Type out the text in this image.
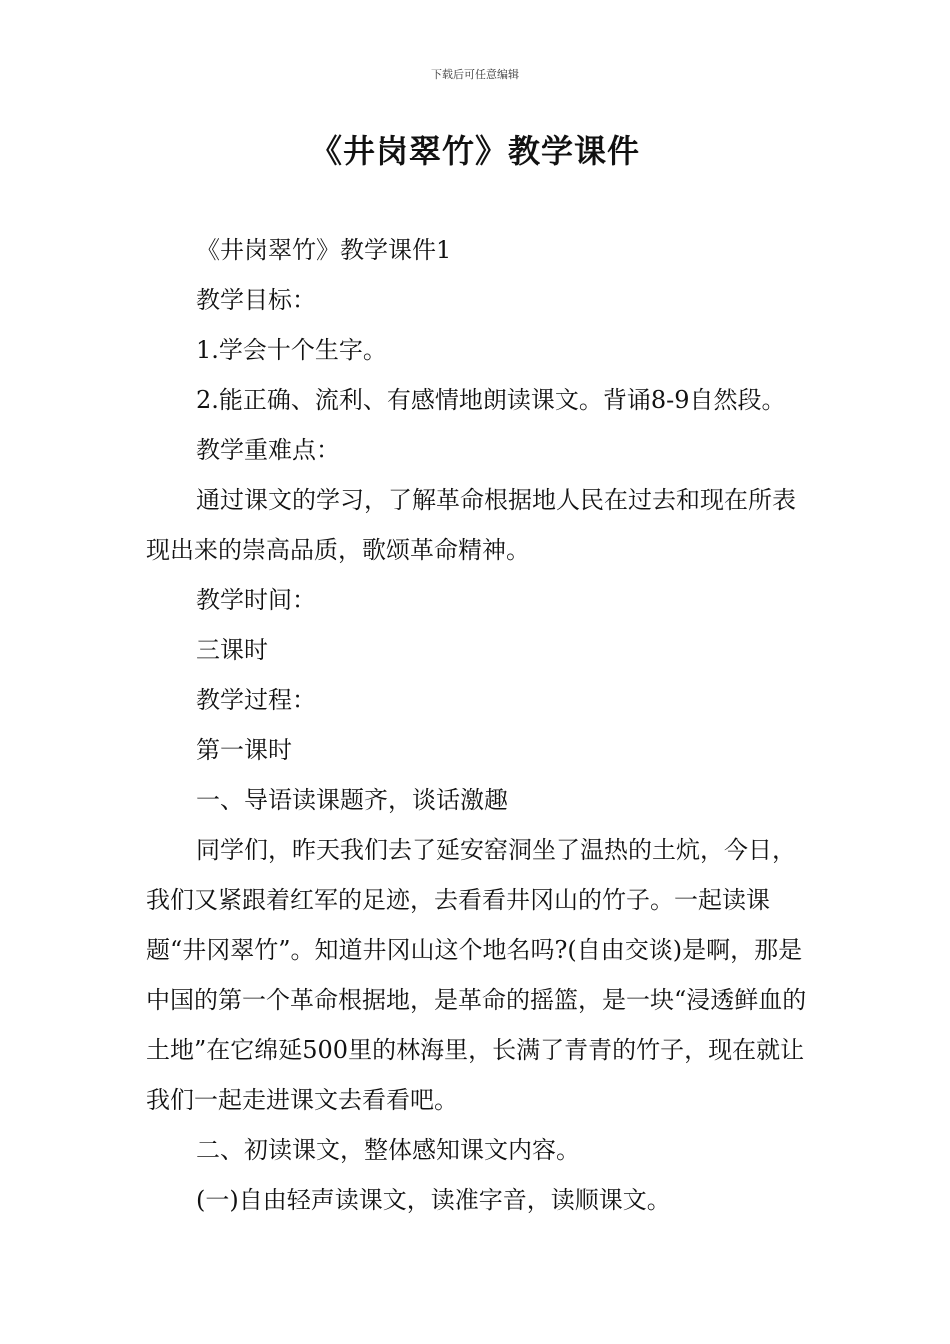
下载后可任意编辑
《井岗翠竹》教学课件

《井岗翠竹》教学课件1

教学目标：

1.学会十个生字。

2.能正确、流利、有感情地朗读课文。背诵8-9自然段。

教学重难点：

通过课文的学习，了解革命根据地人民在过去和现在所表现出来的崇高品质，歌颂革命精神。

教学时间：

三课时

教学过程：

第一课时

一、导语读课题齐，谈话激趣

同学们，昨天我们去了延安窑洞坐了温热的土炕，今日，我们又紧跟着红军的足迹，去看看井冈山的竹子。一起读课题“井冈翠竹”。知道井冈山这个地名吗?(自由交谈)是啊，那是中国的第一个革命根据地，是革命的摇篮，是一块“浸透鲜血的土地”在它绵延500里的林海里，长满了青青的竹子，现在就让我们一起走进课文去看看吧。

二、初读课文，整体感知课文内容。

(一)自由轻声读课文，读准字音，读顺课文。
